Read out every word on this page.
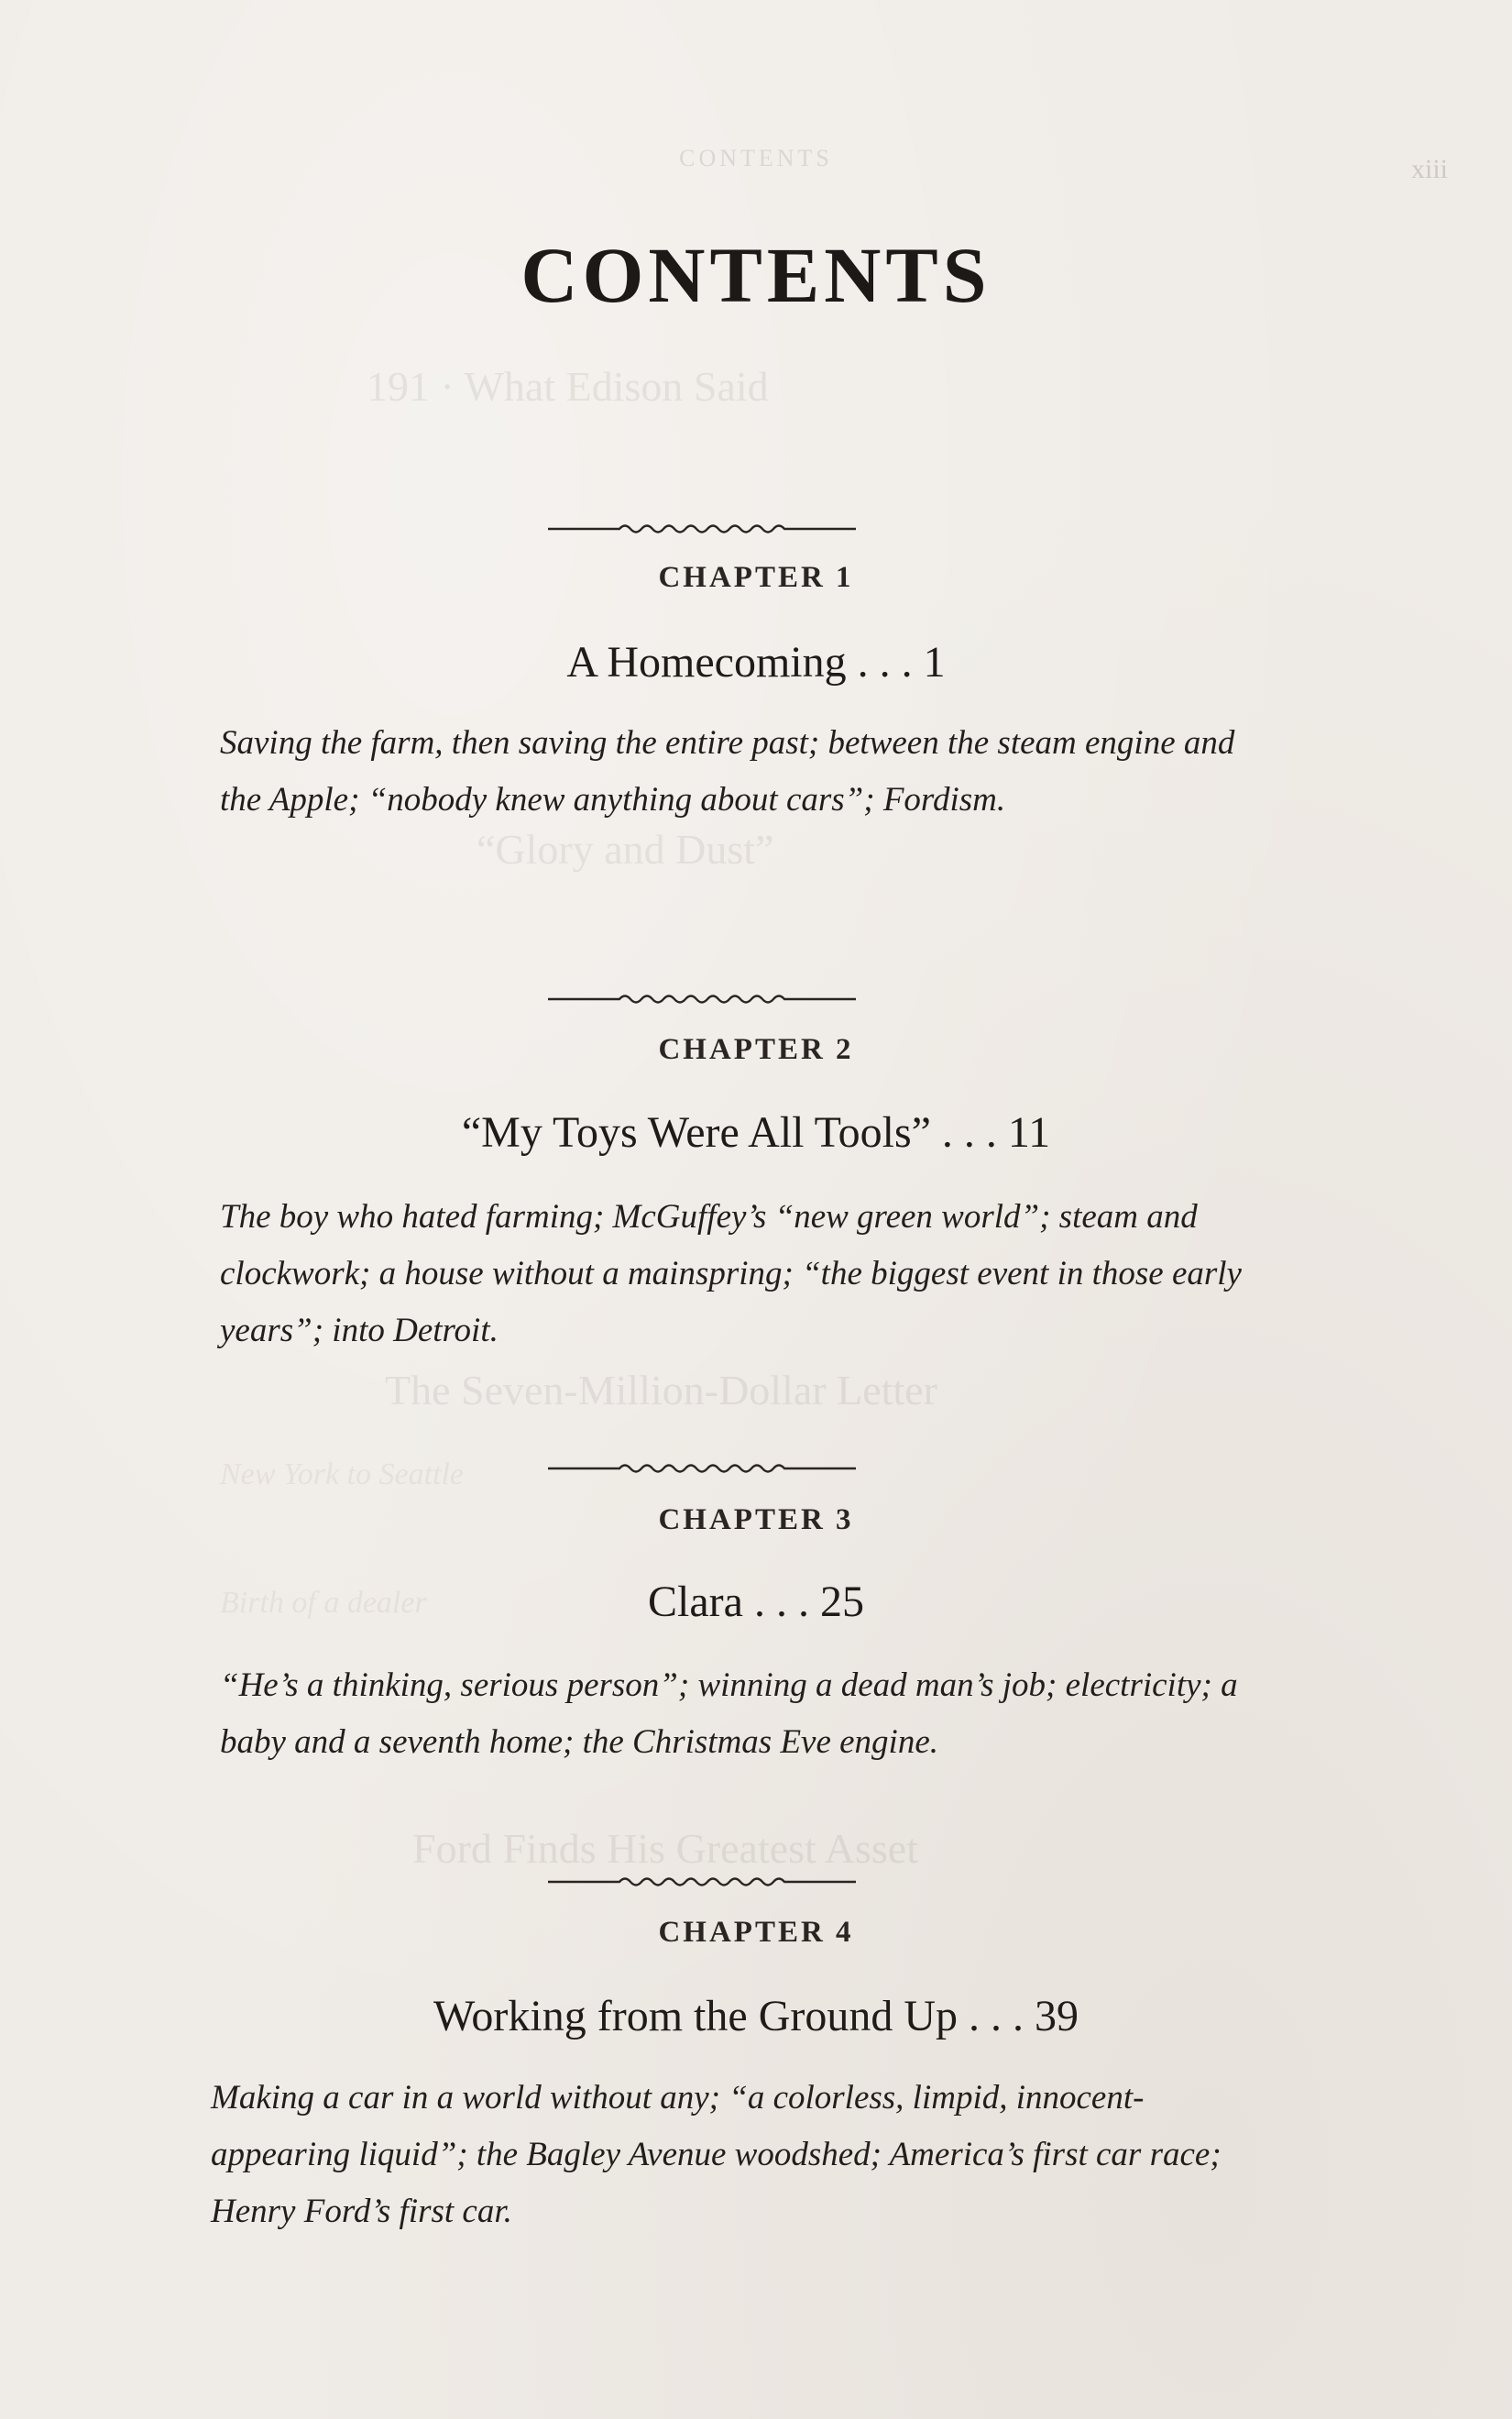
191 · What Edison Said
“Glory and Dust”
The Seven-Million-Dollar Letter
Ford Finds His Greatest Asset
New York to Seattle
Birth of a dealer
CONTENTS	xiii
CONTENTS
CHAPTER 1
A Homecoming . . . 1
Saving the farm, then saving the entire past; between the steam engine and the Apple; “nobody knew anything about cars”; Fordism.
CHAPTER 2
“My Toys Were All Tools” . . . 11
The boy who hated farming; McGuffey’s “new green world”; steam and clockwork; a house without a mainspring; “the biggest event in those early years”; into Detroit.
CHAPTER 3
Clara . . . 25
“He’s a thinking, serious person”; winning a dead man’s job; electricity; a baby and a seventh home; the Christmas Eve engine.
CHAPTER 4
Working from the Ground Up . . . 39
Making a car in a world without any; “a colorless, limpid, innocent-appearing liquid”; the Bagley Avenue woodshed; America’s first car race; Henry Ford’s first car.
